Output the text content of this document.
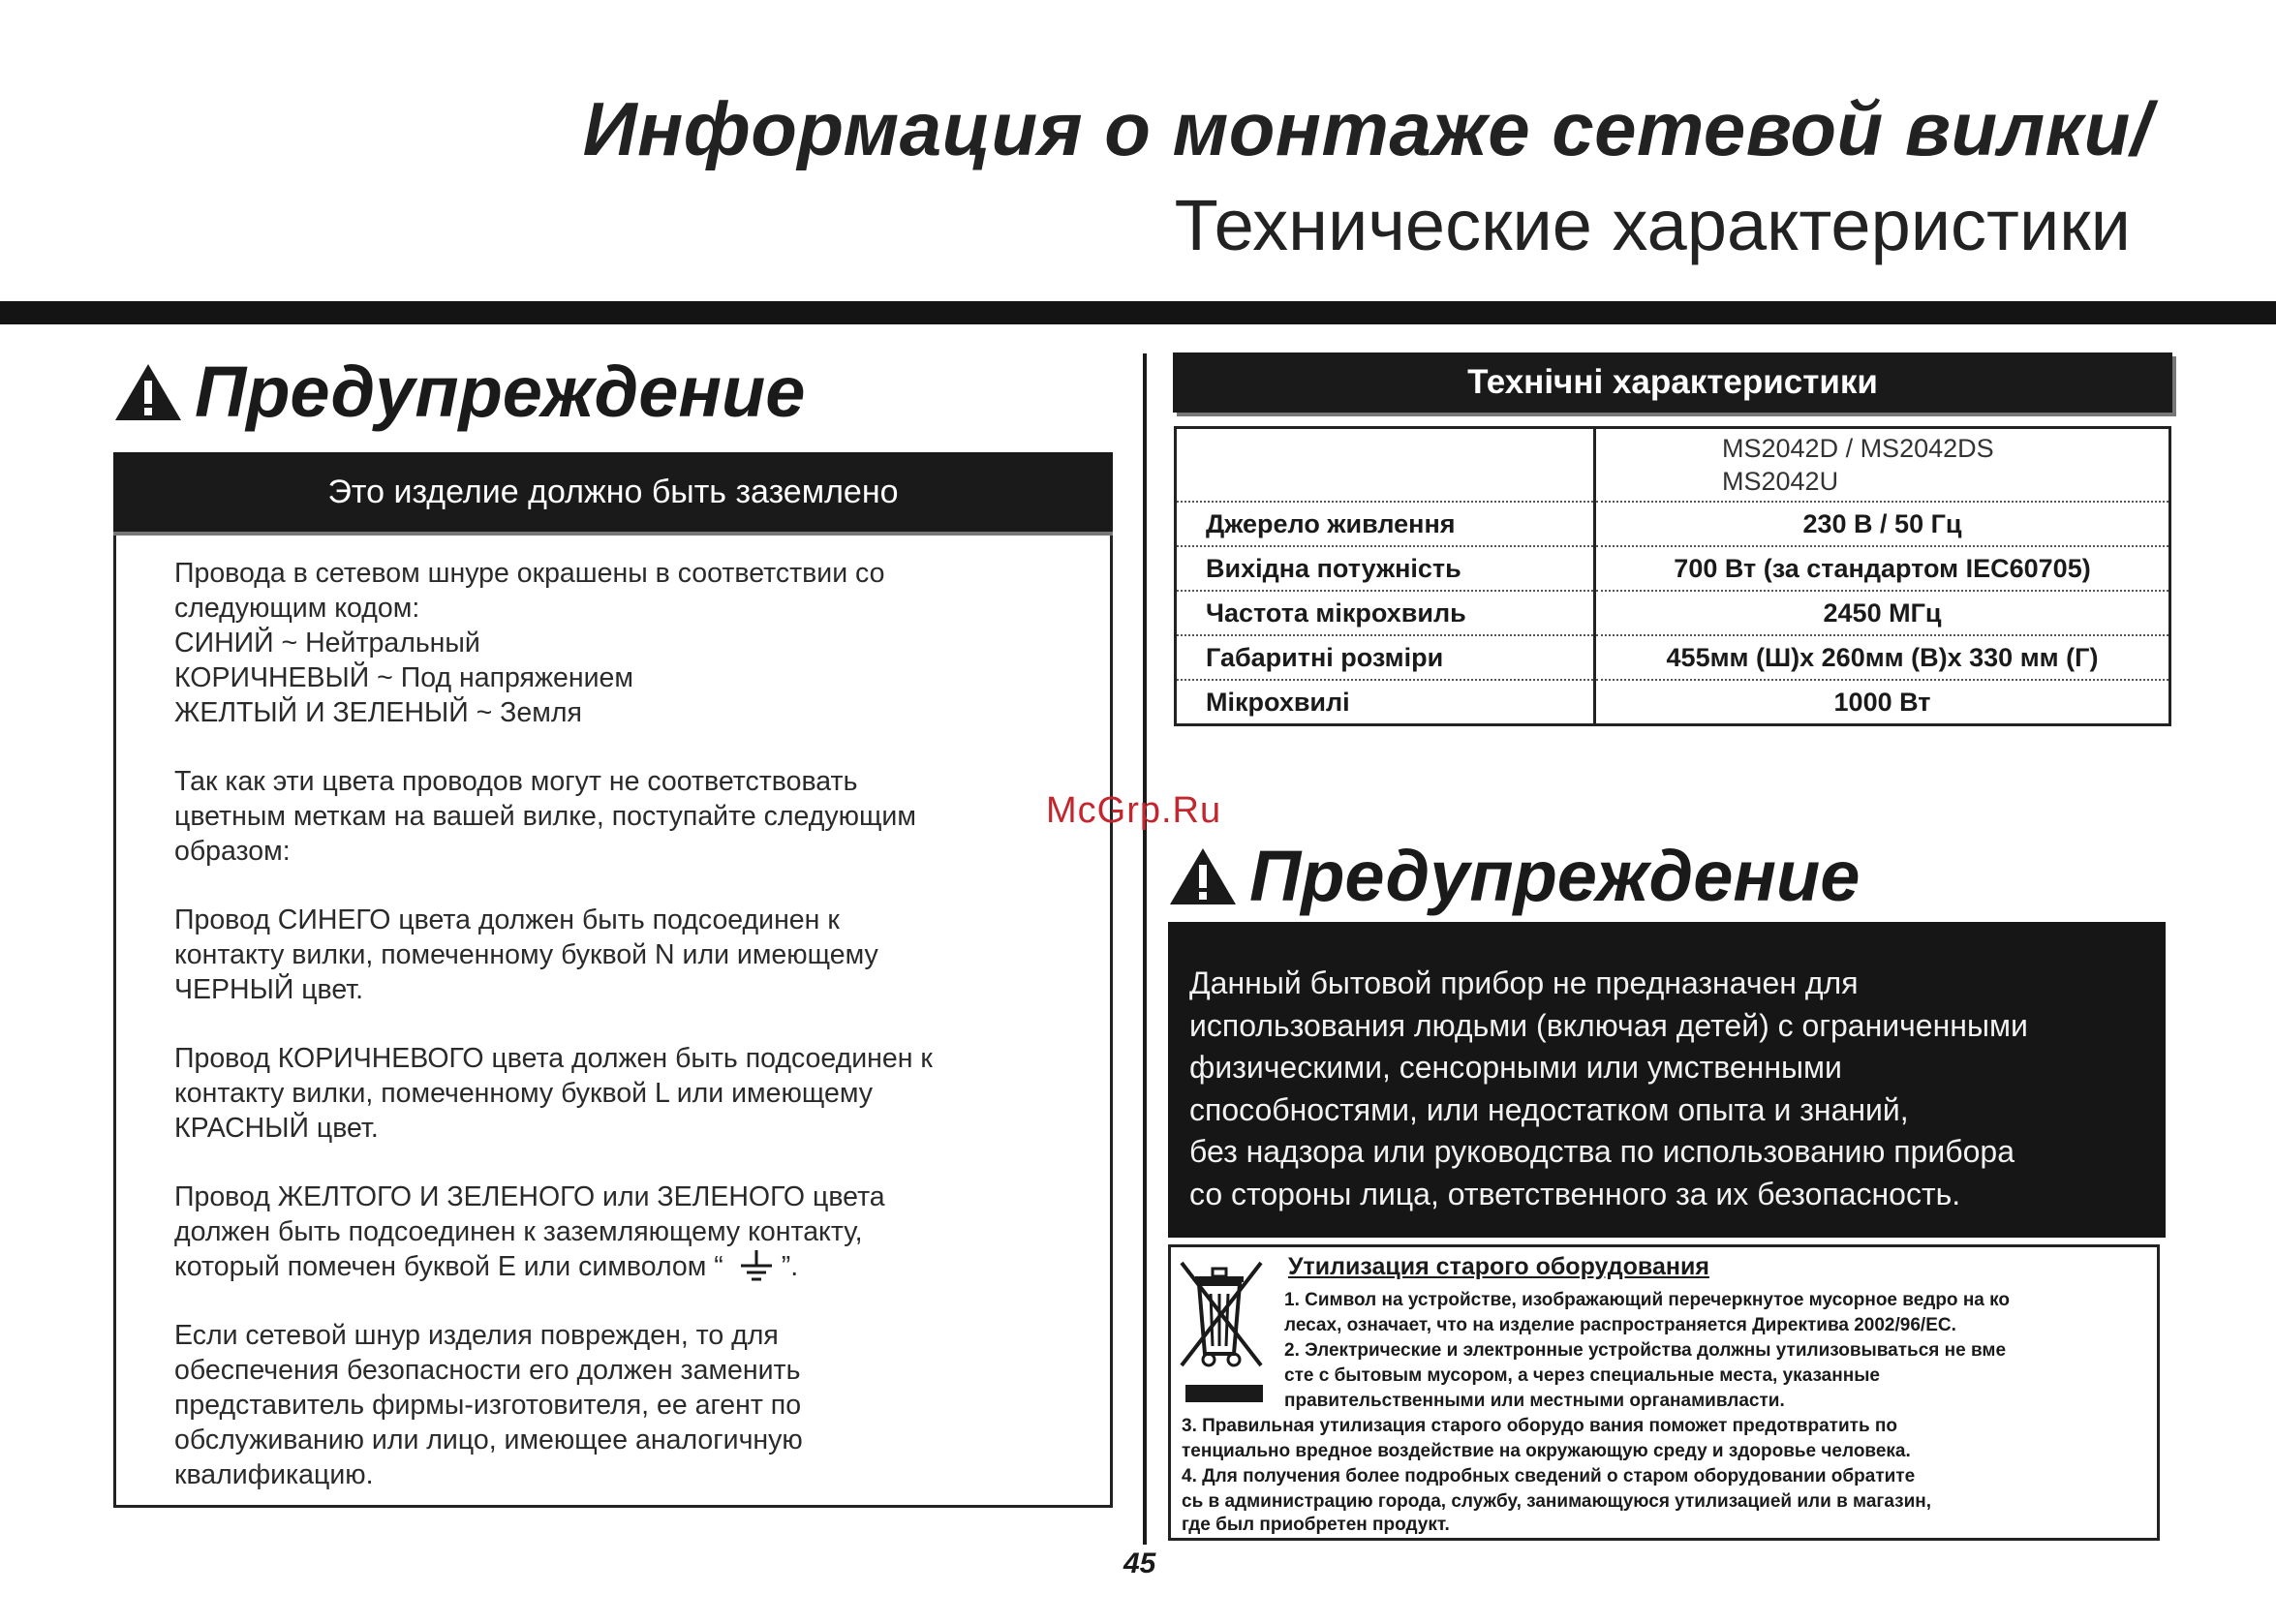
Информация о монтаже сетевой вилки/
Технические характеристики
Предупреждение
Это изделие должно быть заземлено

Провода в сетевом шнуре окрашены в соответствии со
следующим кодом:
СИНИЙ ~ Нейтральный
КОРИЧНЕВЫЙ ~ Под напряжением
ЖЕЛТЫЙ И ЗЕЛЕНЫЙ ~ Земля

Так как эти цвета проводов могут не соответствовать
цветным меткам на вашей вилке, поступайте следующим
образом:

Провод СИНЕГО цвета должен быть подсоединен к
контакту вилки, помеченному буквой N или имеющему
ЧЕРНЫЙ цвет.

Провод КОРИЧНЕВОГО цвета должен быть подсоединен к
контакту вилки, помеченному буквой L или имеющему
КРАСНЫЙ цвет.

Провод ЖЕЛТОГО И ЗЕЛЕНОГО или ЗЕЛЕНОГО цвета
должен быть подсоединен к заземляющему контакту,
который помечен буквой Е или символом “ ”.

Если сетевой шнур изделия поврежден, то для
обеспечения безопасности его должен заменить
представитель фирмы-изготовителя, ее агент по
обслуживанию или лицо, имеющее аналогичную
квалификацию.

Технічні характеристики

	MS2042D / MS2042DS
MS2042U

Джерело живлення	230 В / 50 Гц
Вихідна потужність	700 Вт (за стандартом IEC60705)
Частота мікрохвиль	2450 МГц
Габаритні розміри	455мм (Ш)х 260мм (В)х 330 мм (Г)
Мікрохвилі	1000 Вт
McGrp.Ru
Предупреждение
Данный бытовой прибор не предназначен для
использования людьми (включая детей) с ограниченными
физическими, сенсорными или умственными
способностями, или недостатком опыта и знаний,
без надзора или руководства по использованию прибора
со стороны лица, ответственного за их безопасность.
Утилизация старого оборудования
1. Символ на устройстве, изображающий перечеркнутое мусорное ведро на ко
лесах, означает, что на изделие распространяется Директива 2002/96/ЕС.
2. Электрические и электронные устройства должны утилизовываться не вме
сте с бытовым мусором, а через специальные места, указанные
правительственными или местными органамивласти.
3. Правильная утилизация старого оборудо вания поможет предотвратить по
тенциально вредное воздействие на окружающую среду и здоровье человека.
4. Для получения более подробных сведений о старом оборудовании обратите
сь в администрацию города, службу, занимающуюся утилизацией или в магазин,
где был приобретен продукт.
45
